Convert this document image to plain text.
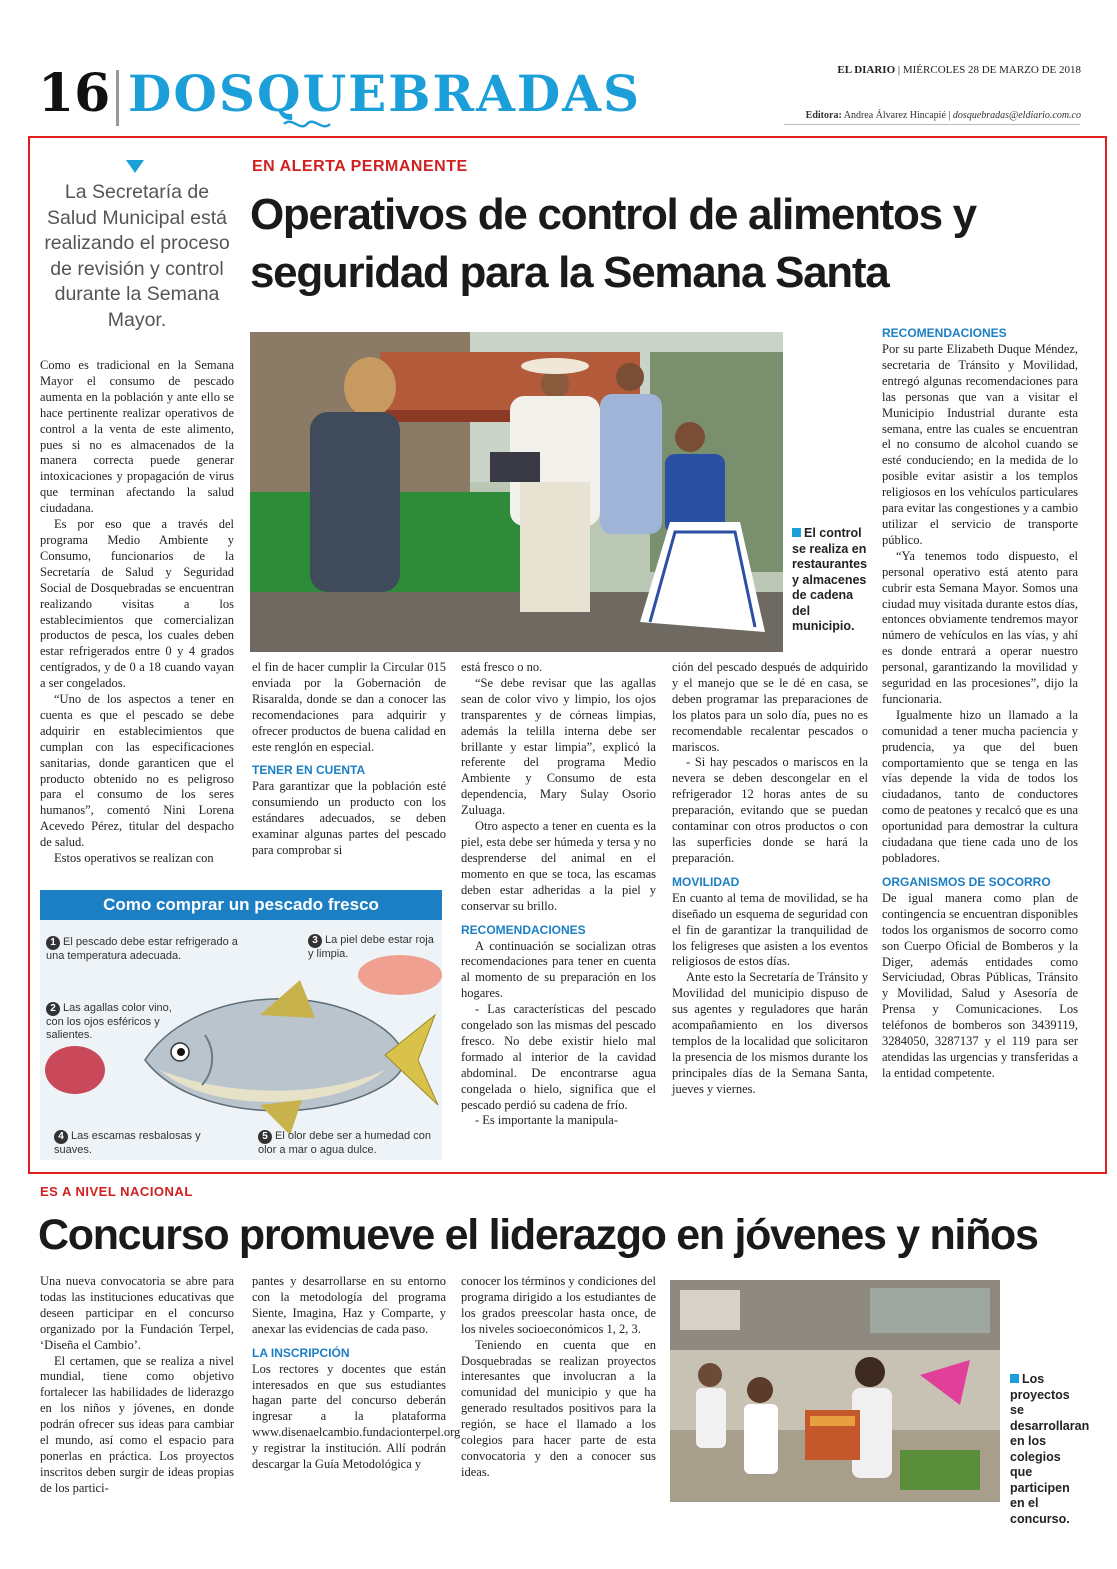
16 DOSQUEBRADAS	EL DIARIO | MIÉRCOLES 28 DE MARZO DE 2018
Editora: Andrea Álvarez Hincapié | dosquebradas@eldiario.com.co
La Secretaría de Salud Municipal está realizando el proceso de revisión y control durante la Semana Mayor.
EN ALERTA PERMANENTE
Operativos de control de alimentos y seguridad para la Semana Santa
El control se realiza en restaurantes y almacenes de cadena del municipio.

Como es tradicional en la Semana Mayor el consumo de pescado aumenta en la población y ante ello se hace pertinente realizar operativos de control a la venta de este alimento, pues si no es almacenados de la manera correcta puede generar intoxicaciones y propagación de virus que terminan afectando la salud ciudadana.

Es por eso que a través del programa Medio Ambiente y Consumo, funcionarios de la Secretaría de Salud y Seguridad Social de Dosquebradas se encuentran realizando visitas a los establecimientos que comercializan productos de pesca, los cuales deben estar refrigerados entre 0 y 4 grados centígrados, y de 0 a 18 cuando vayan a ser congelados.

“Uno de los aspectos a tener en cuenta es que el pescado se debe adquirir en establecimientos que cumplan con las especificaciones sanitarias, donde garanticen que el producto obtenido no es peligroso para el consumo de los seres humanos”, comentó Nini Lorena Acevedo Pérez, titular del despacho de salud.

Estos operativos se realizan con

el fin de hacer cumplir la Circular 015 enviada por la Gobernación de Risaralda, donde se dan a conocer las recomendaciones para adquirir y ofrecer productos de buena calidad en este renglón en especial.

TENER EN CUENTA

Para garantizar que la población esté consumiendo un producto con los estándares adecuados, se deben examinar algunas partes del pescado para comprobar si

está fresco o no.

“Se debe revisar que las agallas sean de color vivo y limpio, los ojos transparentes y de córneas limpias, además la telilla interna debe ser brillante y estar limpia”, explicó la referente del programa Medio Ambiente y Consumo de esta dependencia, Mary Sulay Osorio Zuluaga.

Otro aspecto a tener en cuenta es la piel, esta debe ser húmeda y tersa y no desprenderse del animal en el momento en que se toca, las escamas deben estar adheridas a la piel y conservar su brillo.

RECOMENDACIONES

A continuación se socializan otras recomendaciones para tener en cuenta al momento de su preparación en los hogares.

- Las características del pescado congelado son las mismas del pescado fresco. No debe existir hielo mal formado al interior de la cavidad abdominal. De encontrarse agua congelada o hielo, significa que el pescado perdió su cadena de frío.

- Es importante la manipula-

ción del pescado después de adquirido y el manejo que se le dé en casa, se deben programar las preparaciones de los platos para un solo día, pues no es recomendable recalentar pescados o mariscos.

- Si hay pescados o mariscos en la nevera se deben descongelar en el refrigerador 12 horas antes de su preparación, evitando que se puedan contaminar con otros productos o con las superficies donde se hará la preparación.

MOVILIDAD

En cuanto al tema de movilidad, se ha diseñado un esquema de seguridad con el fin de garantizar la tranquilidad de los feligreses que asisten a los eventos religiosos de estos días.

Ante esto la Secretaría de Tránsito y Movilidad del municipio dispuso de sus agentes y reguladores que harán acompañamiento en los diversos templos de la localidad que solicitaron la presencia de los mismos durante los principales días de la Semana Santa, jueves y viernes.

RECOMENDACIONES

Por su parte Elizabeth Duque Méndez, secretaria de Tránsito y Movilidad, entregó algunas recomendaciones para las personas que van a visitar el Municipio Industrial durante esta semana, entre las cuales se encuentran el no consumo de alcohol cuando se esté conduciendo; en la medida de lo posible evitar asistir a los templos religiosos en los vehículos particulares para evitar las congestiones y a cambio utilizar el servicio de transporte público.

“Ya tenemos todo dispuesto, el personal operativo está atento para cubrir esta Semana Mayor. Somos una ciudad muy visitada durante estos días, entonces obviamente tendremos mayor número de vehículos en las vías, y ahí es donde entrará a operar nuestro personal, garantizando la movilidad y seguridad en las procesiones”, dijo la funcionaria.

Igualmente hizo un llamado a la comunidad a tener mucha paciencia y prudencia, ya que del buen comportamiento que se tenga en las vías depende la vida de todos los ciudadanos, tanto de conductores como de peatones y recalcó que es una oportunidad para demostrar la cultura ciudadana que tiene cada uno de los pobladores.

ORGANISMOS DE SOCORRO

De igual manera como plan de contingencia se encuentran disponibles todos los organismos de socorro como son Cuerpo Oficial de Bomberos y la Diger, además entidades como Serviciudad, Obras Públicas, Tránsito y Movilidad, Salud y Asesoría de Prensa y Comunicaciones. Los teléfonos de bomberos son 3439119, 3284050, 3287137 y el 119 para ser atendidas las urgencias y transferidas a la entidad competente.

Como comprar un pescado fresco
1 El pescado debe estar refrigerado a una temperatura adecuada.
2 Las agallas color vino, con los ojos esféricos y salientes.
3 La piel debe estar roja y limpia.
4 Las escamas resbalosas y suaves.
5 El olor debe ser a humedad con olor a mar o agua dulce.
ES A NIVEL NACIONAL
Concurso promueve el liderazgo en jóvenes y niños

Una nueva convocatoria se abre para todas las instituciones educativas que deseen participar en el concurso organizado por la Fundación Terpel, ‘Diseña el Cambio’.

El certamen, que se realiza a nivel mundial, tiene como objetivo fortalecer las habilidades de liderazgo en los niños y jóvenes, en donde podrán ofrecer sus ideas para cambiar el mundo, así como el espacio para ponerlas en práctica. Los proyectos inscritos deben surgir de ideas propias de los partici-

pantes y desarrollarse en su entorno con la metodología del programa Siente, Imagina, Haz y Comparte, y anexar las evidencias de cada paso.

LA INSCRIPCIÓN

Los rectores y docentes que están interesados en que sus estudiantes hagan parte del concurso deberán ingresar a la plataforma www.disenaelcambio.fundacionterpel.org y registrar la institución. Allí podrán descargar la Guía Metodológica y

conocer los términos y condiciones del programa dirigido a los estudiantes de los grados preescolar hasta once, de los niveles socioeconómicos 1, 2, 3.

Teniendo en cuenta que en Dosquebradas se realizan proyectos interesantes que involucran a la comunidad del municipio y que ha generado resultados positivos para la región, se hace el llamado a los colegios para hacer parte de esta convocatoria y den a conocer sus ideas.

Los proyectos se desarrollaran en los colegios que participen en el concurso.
